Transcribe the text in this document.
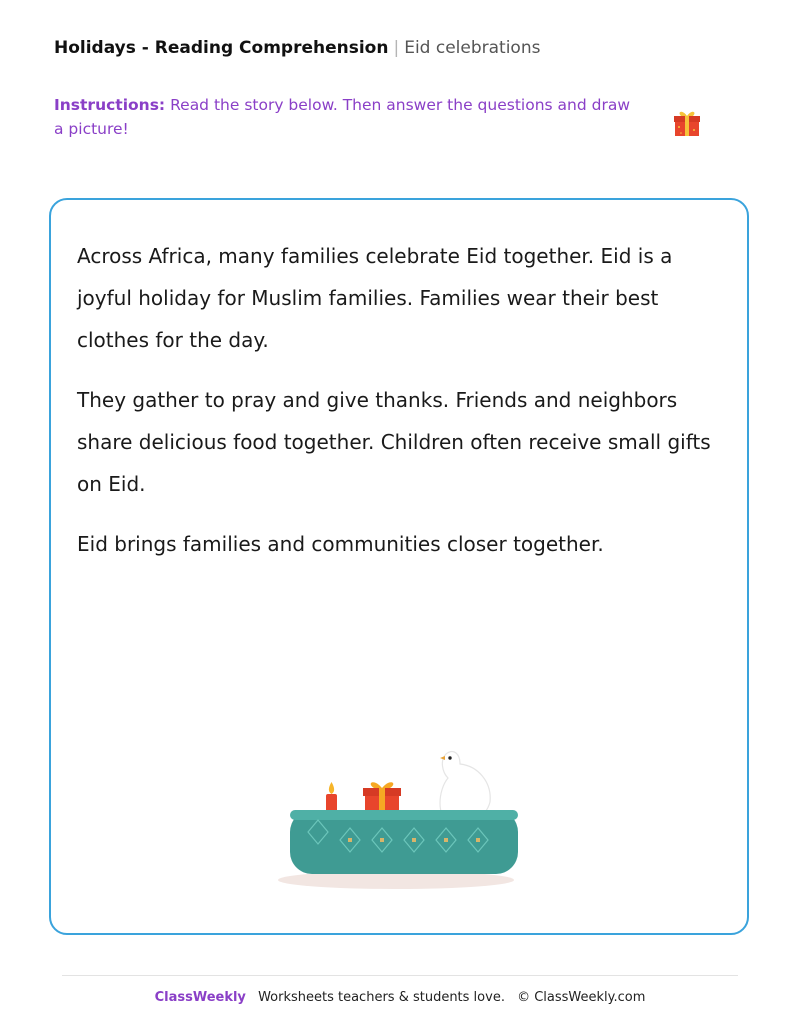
Holidays - Reading Comprehension | Eid celebrations
Instructions: Read the story below. Then answer the questions and draw a picture!

Across Africa, many families celebrate Eid together. Eid is a joyful holiday for Muslim families. Families wear their best clothes for the day.

They gather to pray and give thanks. Friends and neighbors share delicious food together. Children often receive small gifts on Eid.

Eid brings families and communities closer together.

ClassWeekly Worksheets teachers & students love. © ClassWeekly.com
